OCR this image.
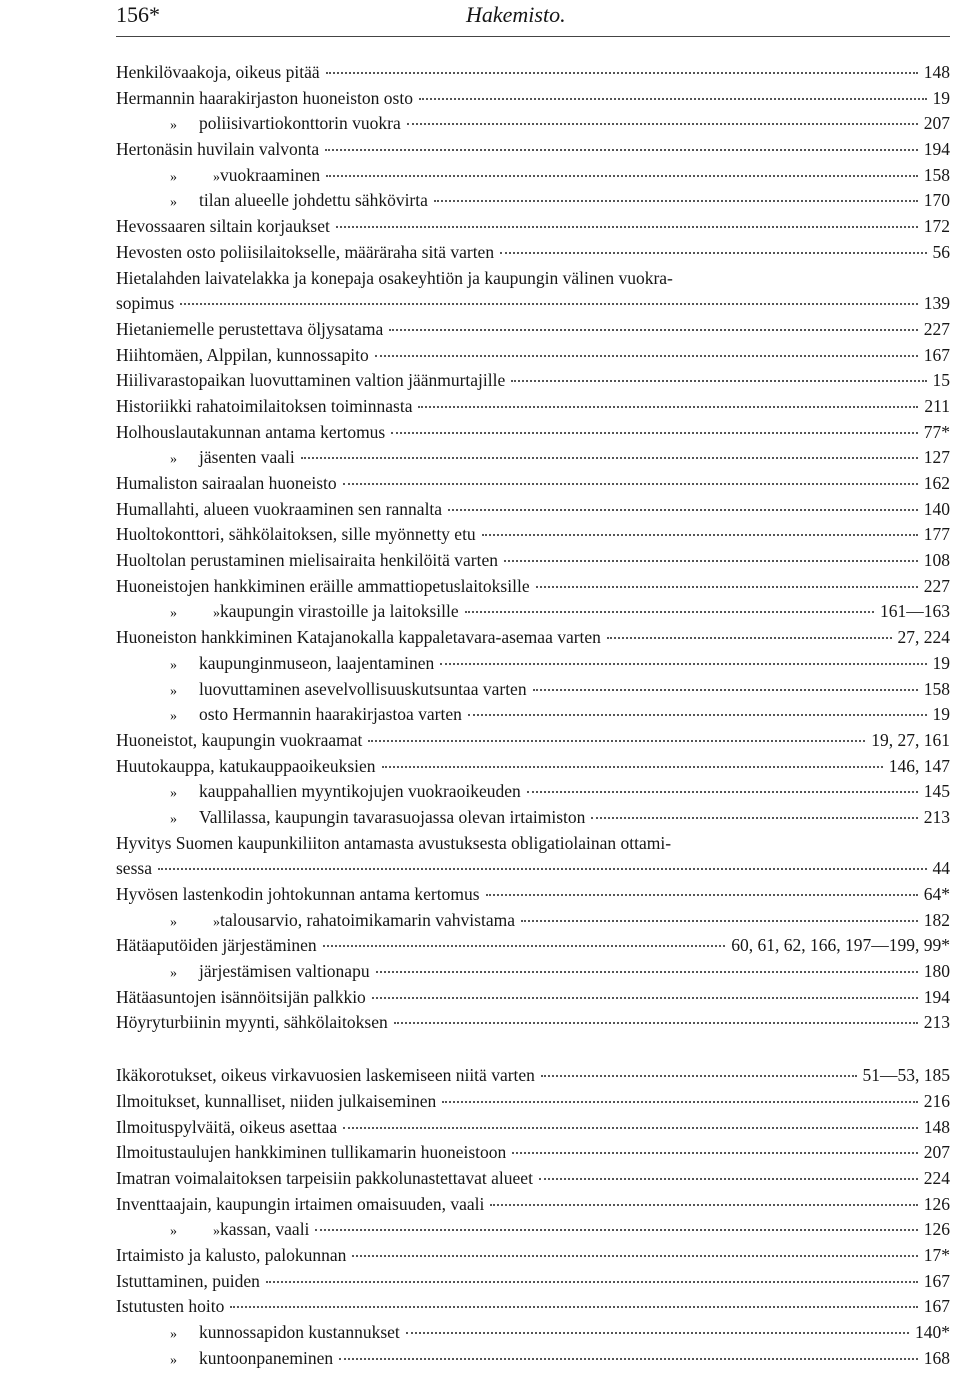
156*	Hakemisto.
Henkilövaakoja, oikeus pitää	148
Hermannin haarakirjaston huoneiston osto	19
» poliisivartiokonttorin vuokra	207
Hertonäsin huvilain valvonta	194
»	» vuokraaminen	158
» tilan alueelle johdettu sähkövirta	170
Hevossaaren siltain korjaukset	172
Hevosten osto poliisilaitokselle, määräraha sitä varten	56
Hietalahden laivatelakka ja konepaja osakeyhtiön ja kaupungin välinen vuokra-
sopimus	139
Hietaniemelle perustettava öljysatama	227
Hiihtomäen, Alppilan, kunnossapito	167
Hiilivarastopaikan luovuttaminen valtion jäänmurtajille	15
Historiikki rahatoimilaitoksen toiminnasta	211
Holhouslautakunnan antama kertomus	77*
» jäsenten vaali	127
Humaliston sairaalan huoneisto	162
Humallahti, alueen vuokraaminen sen rannalta	140
Huoltokonttori, sähkölaitoksen, sille myönnetty etu	177
Huoltolan perustaminen mielisairaita henkilöitä varten	108
Huoneistojen hankkiminen eräille ammattiopetuslaitoksille	227
»	» kaupungin virastoille ja laitoksille	161—163
Huoneiston hankkiminen Katajanokalla kappaletavara-asemaa varten	27, 224
» kaupunginmuseon, laajentaminen	19
» luovuttaminen asevelvollisuuskutsuntaa varten	158
» osto Hermannin haarakirjastoa varten	19
Huoneistot, kaupungin vuokraamat	19, 27, 161
Huutokauppa, katukauppaoikeuksien	146, 147
» kauppahallien myyntikojujen vuokraoikeuden	145
» Vallilassa, kaupungin tavarasuojassa olevan irtaimiston	213
Hyvitys Suomen kaupunkiliiton antamasta avustuksesta obligatiolainan ottami-
sessa	44
Hyvösen lastenkodin johtokunnan antama kertomus	64*
»	» talousarvio, rahatoimikamarin vahvistama	182
Hätäaputöiden järjestäminen	60, 61, 62, 166, 197—199, 99*
» järjestämisen valtionapu	180
Hätäasuntojen isännöitsijän palkkio	194
Höyryturbiinin myynti, sähkölaitoksen	213
Ikäkorotukset, oikeus virkavuosien laskemiseen niitä varten	51—53, 185
Ilmoitukset, kunnalliset, niiden julkaiseminen	216
Ilmoituspylväitä, oikeus asettaa	148
Ilmoitustaulujen hankkiminen tullikamarin huoneistoon	207
Imatran voimalaitoksen tarpeisiin pakkolunastettavat alueet	224
Inventtaajain, kaupungin irtaimen omaisuuden, vaali	126
»	» kassan, vaali	126
Irtaimisto ja kalusto, palokunnan	17*
Istuttaminen, puiden	167
Istutusten hoito	167
» kunnossapidon kustannukset	140*
» kuntoonpaneminen	168
